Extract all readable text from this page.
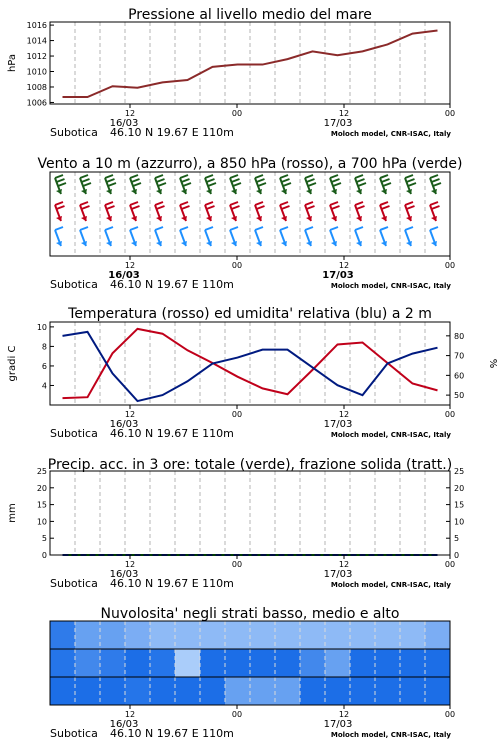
1006
1008
1010
1012
1014
1016
hPa
Pressione al livello medio del mare
12	00	12	00
16/03	17/03
Subotica 46.10 N 19.67 E 110m	Moloch model, CNR-ISAC, Italy
Vento a 10 m (azzurro), a 850 hPa (rosso), a 700 hPa (verde)
12	00	12	00
16/03	17/03
Subotica 46.10 N 19.67 E 110m	Moloch model, CNR-ISAC, Italy
4
6
8
10
50
60
70
80
gradi C	%
Temperatura (rosso) ed umidita' relativa (blu) a 2 m
12	00	12	00
16/03	17/03
Subotica 46.10 N 19.67 E 110m	Moloch model, CNR-ISAC, Italy
0	0
5	5
10	10
15	15
20	20
25	25
mm
Precip. acc. in 3 ore: totale (verde), frazione solida (tratt.)
12	00	12	00
16/03	17/03
Subotica 46.10 N 19.67 E 110m	Moloch model, CNR-ISAC, Italy
Nuvolosita' negli strati basso, medio e alto
12	00	12	00
16/03	17/03
Subotica 46.10 N 19.67 E 110m	Moloch model, CNR-ISAC, Italy
